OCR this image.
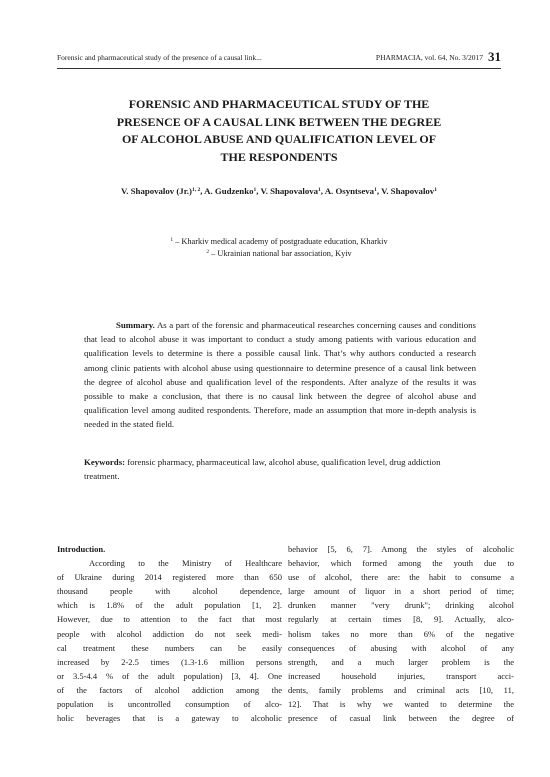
Forensic and pharmaceutical study of the presence of a causal link...	PHARMACIA, vol. 64, No. 3/2017 31
FORENSIC AND PHARMACEUTICAL STUDY OF THE
PRESENCE OF A CAUSAL LINK BETWEEN THE DEGREE
OF ALCOHOL ABUSE AND QUALIFICATION LEVEL OF
THE RESPONDENTS
V. Shapovalov $(Jr.)^{1, 2}$, A. Gudzenko$^1$, V. Shapovalova$^1$, A. Osyntseva$^1$, V. Shapovalov$^1$
$^1$ – Kharkiv medical academy of postgraduate education, Kharkiv
$^2$ – Ukrainian national bar association, Kyiv
Summary. As a part of the forensic and pharmaceutical researches concerning causes and conditions that lead to alcohol abuse it was important to conduct a study among patients with various education and qualification levels to determine is there a possible causal link. That’s why authors conducted a research among clinic patients with alcohol abuse using questionnaire to determine presence of a causal link between the degree of alcohol abuse and qualification level of the respondents. After analyze of the results it was possible to make a conclusion, that there is no causal link between the degree of alcohol abuse and qualification level among audited respondents. Therefore, made an assumption that more in-depth analysis is needed in the stated field.
Keywords: forensic pharmacy, pharmaceutical law, alcohol abuse, qualification level, drug addiction treatment.
Introduction.
According to the Ministry of Healthcare
of Ukraine during 2014 registered more than 650
thousand people with alcohol dependence,
which is 1.8% of the adult population [1, 2].
However, due to attention to the fact that most
people with alcohol addiction do not seek medi-
cal treatment these numbers can be easily
increased by 2-2.5 times (1.3-1.6 million persons
or 3.5-4.4 % of the adult population) [3, 4]. One
of the factors of alcohol addiction among the
population is uncontrolled consumption of alco-
holic beverages that is a gateway to alcoholic
behavior [5, 6, 7]. Among the styles of alcoholic
behavior, which formed among the youth due to
use of alcohol, there are: the habit to consume a
large amount of liquor in a short period of time;
drunken manner "very drunk"; drinking alcohol
regularly at certain times [8, 9]. Actually, alco-
holism takes no more than 6% of the negative
consequences of abusing with alcohol of any
strength, and a much larger problem is the
increased household injuries, transport acci-
dents, family problems and criminal acts [10, 11,
12]. That is why we wanted to determine the
presence of casual link between the degree of
